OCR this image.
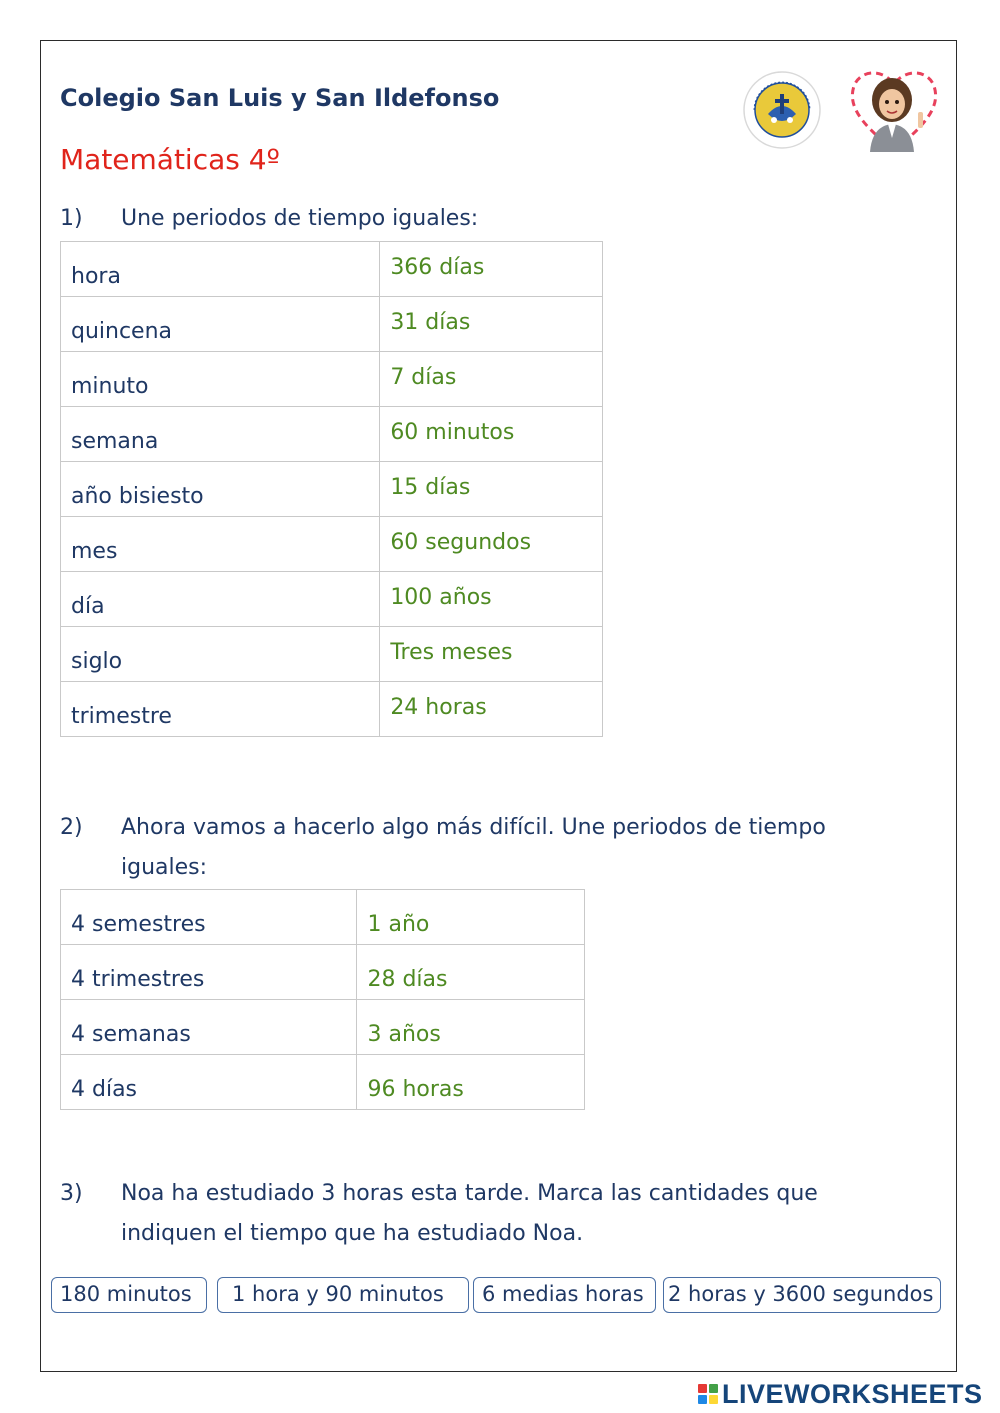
Colegio San Luis y San Ildefonso
Matemáticas 4º
1) Une periodos de tiempo iguales:
hora	366 días
quincena	31 días
minuto	7 días
semana	60 minutos
año bisiesto	15 días
mes	60 segundos
día	100 años
siglo	Tres meses
trimestre	24 horas
2) Ahora vamos a hacerlo algo más difícil. Une periodos de tiempo
iguales:
4 semestres	1 año
4 trimestres	28 días
4 semanas	3 años
4 días	96 horas
3) Noa ha estudiado 3 horas esta tarde. Marca las cantidades que
indiquen el tiempo que ha estudiado Noa.
180 minutos	1 hora y 90 minutos	6 medias horas	2 horas y 3600 segundos
LIVEWORKSHEETS
